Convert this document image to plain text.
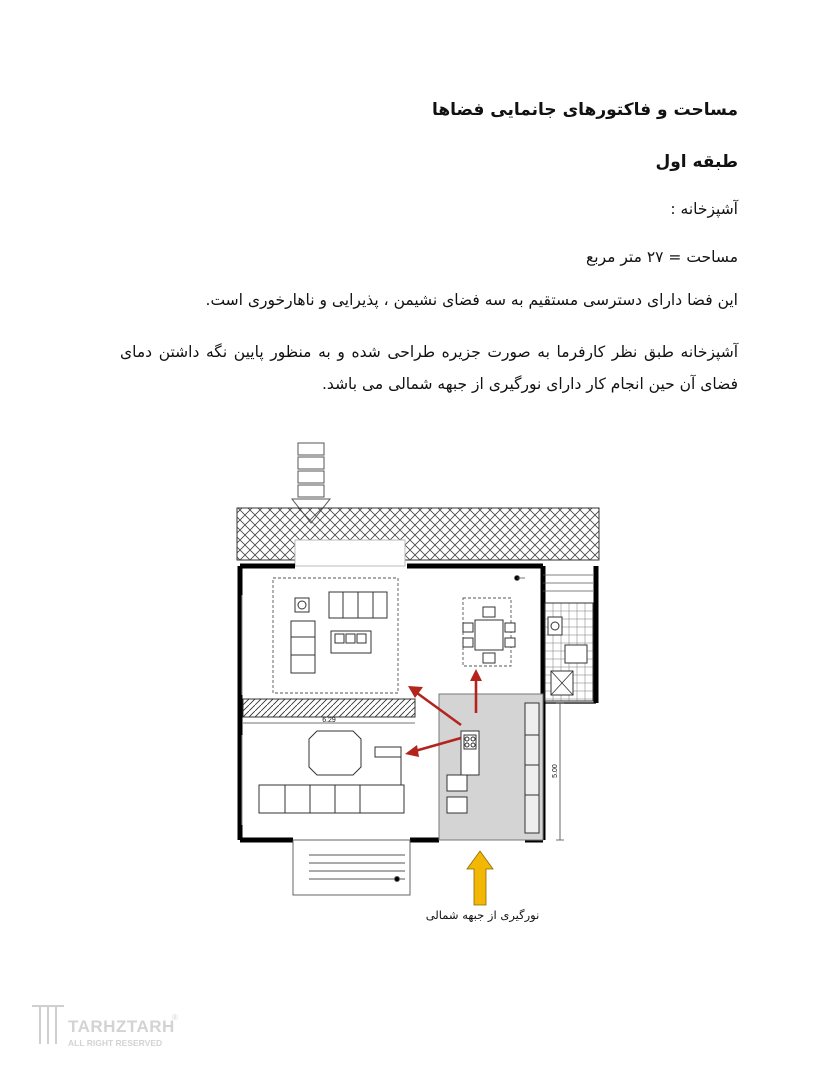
مساحت و فاکتورهای جانمایی فضاها
طبقه اول
آشپزخانه :
مساحت = ۲۷ متر مربع
این فضا دارای دسترسی مستقیم به سه فضای نشیمن ، پذیرایی و ناهارخوری است.
آشپزخانه طبق نظر کارفرما به صورت جزیره طراحی شده و به منظور پایین نگه داشتن دمای فضای آن حین انجام کار دارای نورگیری از جبهه شمالی می باشد.
6.29
5.00
نورگیری از جبهه شمالی
TARHZTARH
ALL RIGHT RESERVED
®
